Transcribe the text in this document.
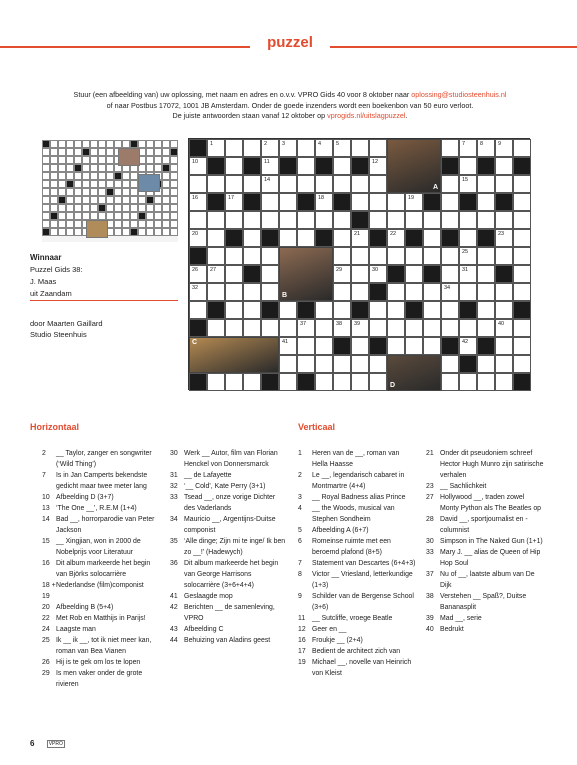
puzzel

Stuur (een afbeelding van) uw oplossing, met naam en adres en o.v.v. VPRO Gids 40 voor 8 oktober naar oplossing@studiosteenhuis.nl

of naar Postbus 17072, 1001 JB Amsterdam. Onder de goede inzenders wordt een boekenbon van 50 euro verloot.

De juiste antwoorden staan vanaf 12 oktober op vprogids.nl/uitslagpuzzel.

Winnaar
Puzzel Gids 38:
J. Maas
uit Zaandam
door Maarten Gaillard
Studio Steenhuis
1	2	3	4	5	7	8	9
10	11	12
14	15
16	17	18	19
20	21	22	23
25
26 27	29	30	31
32	34
37	38 39	40
41	42
A
B
C
D
Horizontaal	Verticaal
2	__ Taylor, zanger en songwriter (‘Wild Thing’)
7	Is in Jan Camperts bekendste gedicht maar twee meter lang
10 Afbeelding D (3+7)
13 ‘The One __’, R.E.M (1+4)
14 Bad __, horrorparodie van Peter Jackson
15 __ Xingjian, won in 2000 de Nobelprijs voor Literatuur
16 Dit album markeerde het begin van Björks solocarrière
18 + 19
Nederlandse (film)componist
20 Afbeelding B (5+4)
22 Met Rob en Matthijs in Parijs!
24 Laagste man
25 Ik __ ik __, tot ik niet meer kan, roman van Bea Vianen
26 Hij is te gek om los te lopen
29 Is men vaker onder de grote rivieren
30 Werk __ Autor, film van Florian Henckel von Donnersmarck
31 __ de Lafayette
32 ‘__ Cold’, Kate Perry (3+1)
33 Tsead __, onze vorige Dichter des Vaderlands
34 Mauricio __, Argentijns-Duitse componist
35 ‘Alle dinge; Zijn mi te inge/ Ik ben zo __!’ (Hadewych)
36 Dit album markeerde het begin van George Harrisons solocarrière (3+6+4+4)
41 Geslaagde mop
42 Berichten __ de samenleving, VPRO
43 Afbeelding C
44 Behuizing van Aladins geest
1	Heren van de __, roman van Hella Haasse
2	Le __, legendarisch cabaret in Montmartre (4+4)
3	__ Royal Badness alias Prince
4	__ the Woods, musical van Stephen Sondheim
5	Afbeelding A (6+7)
6	Romeinse ruimte met een beroemd plafond (8+5)
7	Statement van Descartes (6+4+3)
8	Victor __ Vriesland, letterkundige (1+3)
9	Schilder van de Bergense School (3+6)
11 __ Sutcliffe, vroege Beatle
12 Geer en __
16 Froukje __ (2+4)
17 Bedient de architect zich van
19 Michael __, novelle van Heinrich von Kleist
21 Onder dit pseudoniem schreef Hector Hugh Munro zijn satirische verhalen
23 __ Sachlichkeit
27 Hollywood __, traden zowel Monty Python als The Beatles op
28 David __, sportjournalist en -columnist
30 Simpson in The Naked Gun (1+1)
33 Mary J. __ alias de Queen of Hip Hop Soul
37 Nu of __, laatste album van De Dijk
38 Verstehen __ Spaß?, Duitse Bananasplit
39 Mad __, serie
40 Bedrukt
6	VPRO
